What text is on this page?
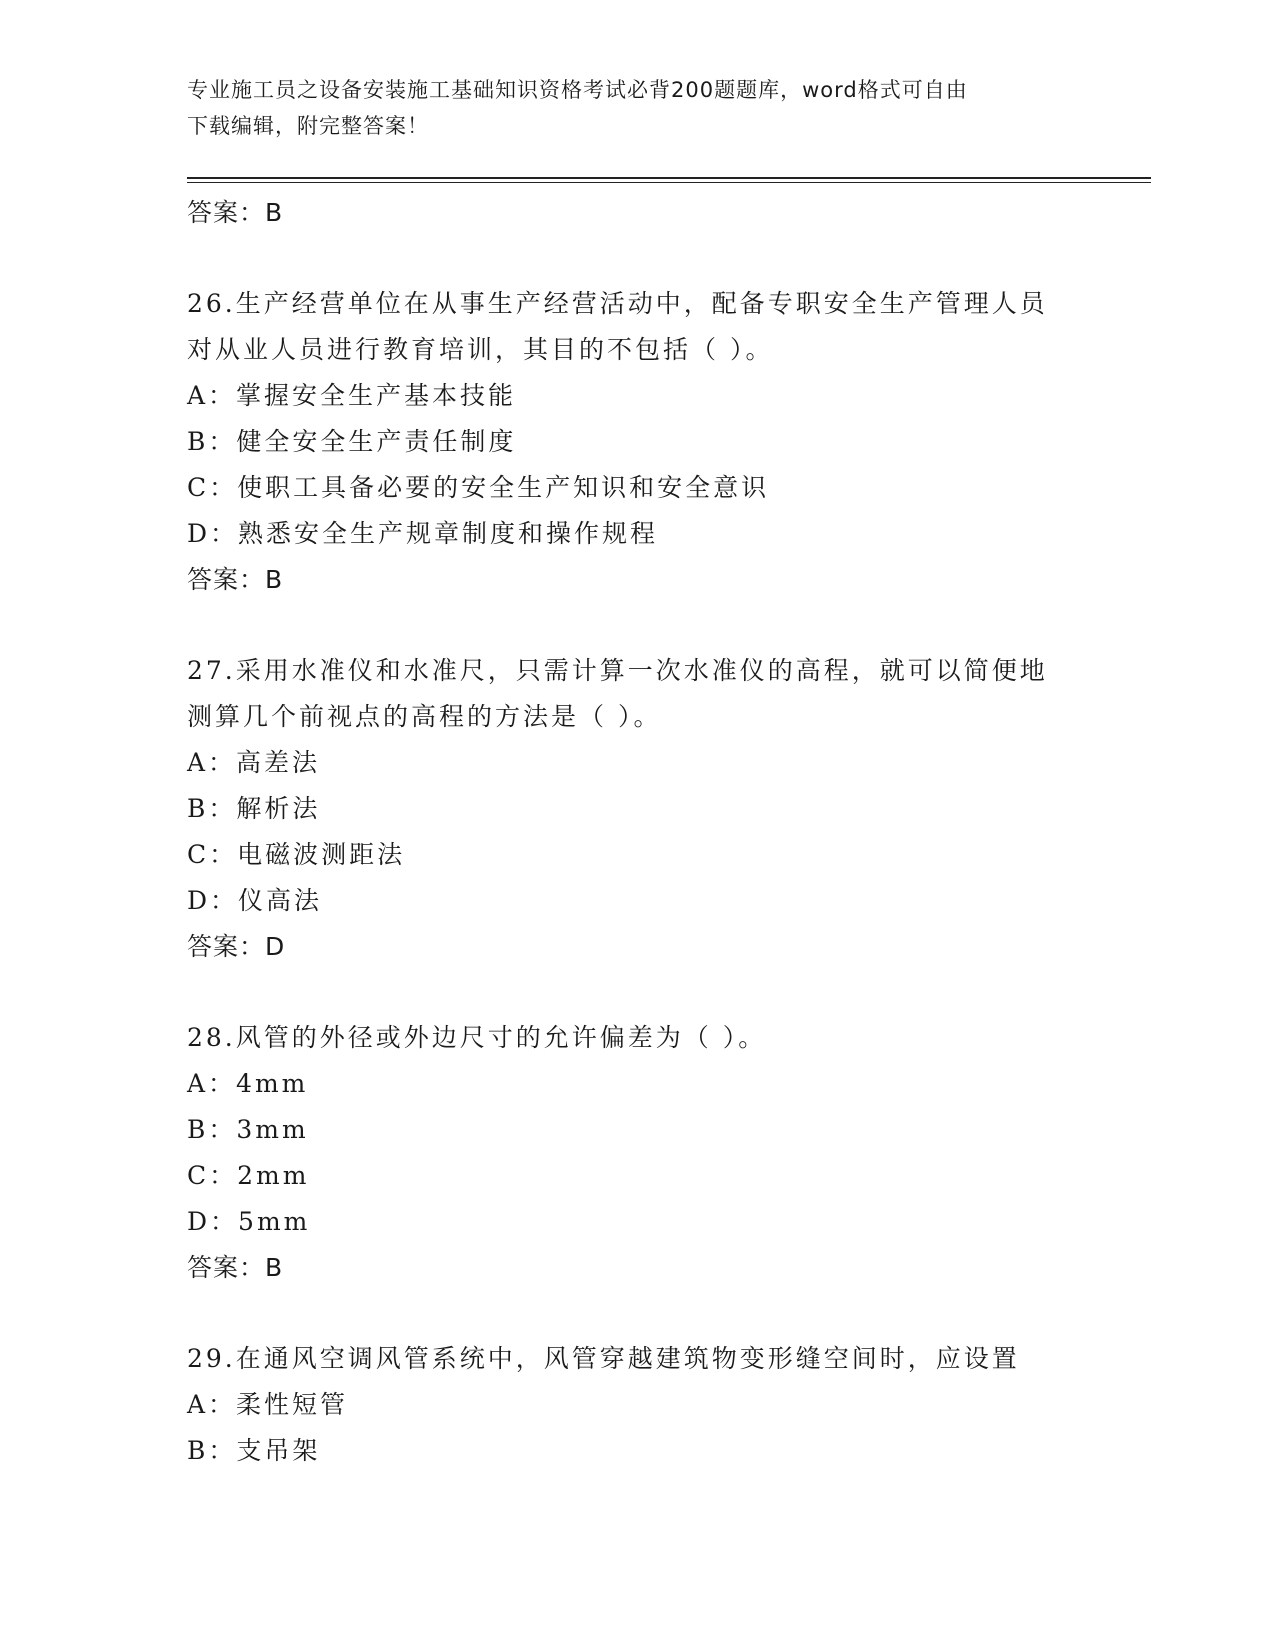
专业施工员之设备安装施工基础知识资格考试必背200题题库，word格式可自由
下载编辑，附完整答案！
答案：B
26.生产经营单位在从事生产经营活动中，配备专职安全生产管理人员
对从业人员进行教育培训，其目的不包括（ ）。
A：掌握安全生产基本技能
B：健全安全生产责任制度
C：使职工具备必要的安全生产知识和安全意识
D：熟悉安全生产规章制度和操作规程
答案：B
27.采用水准仪和水准尺，只需计算一次水准仪的高程，就可以简便地
测算几个前视点的高程的方法是（ ）。
A：高差法
B：解析法
C：电磁波测距法
D：仪高法
答案：D
28.风管的外径或外边尺寸的允许偏差为（ ）。
A：4mm
B：3mm
C：2mm
D：5mm
答案：B
29.在通风空调风管系统中，风管穿越建筑物变形缝空间时，应设置
A：柔性短管
B：支吊架
